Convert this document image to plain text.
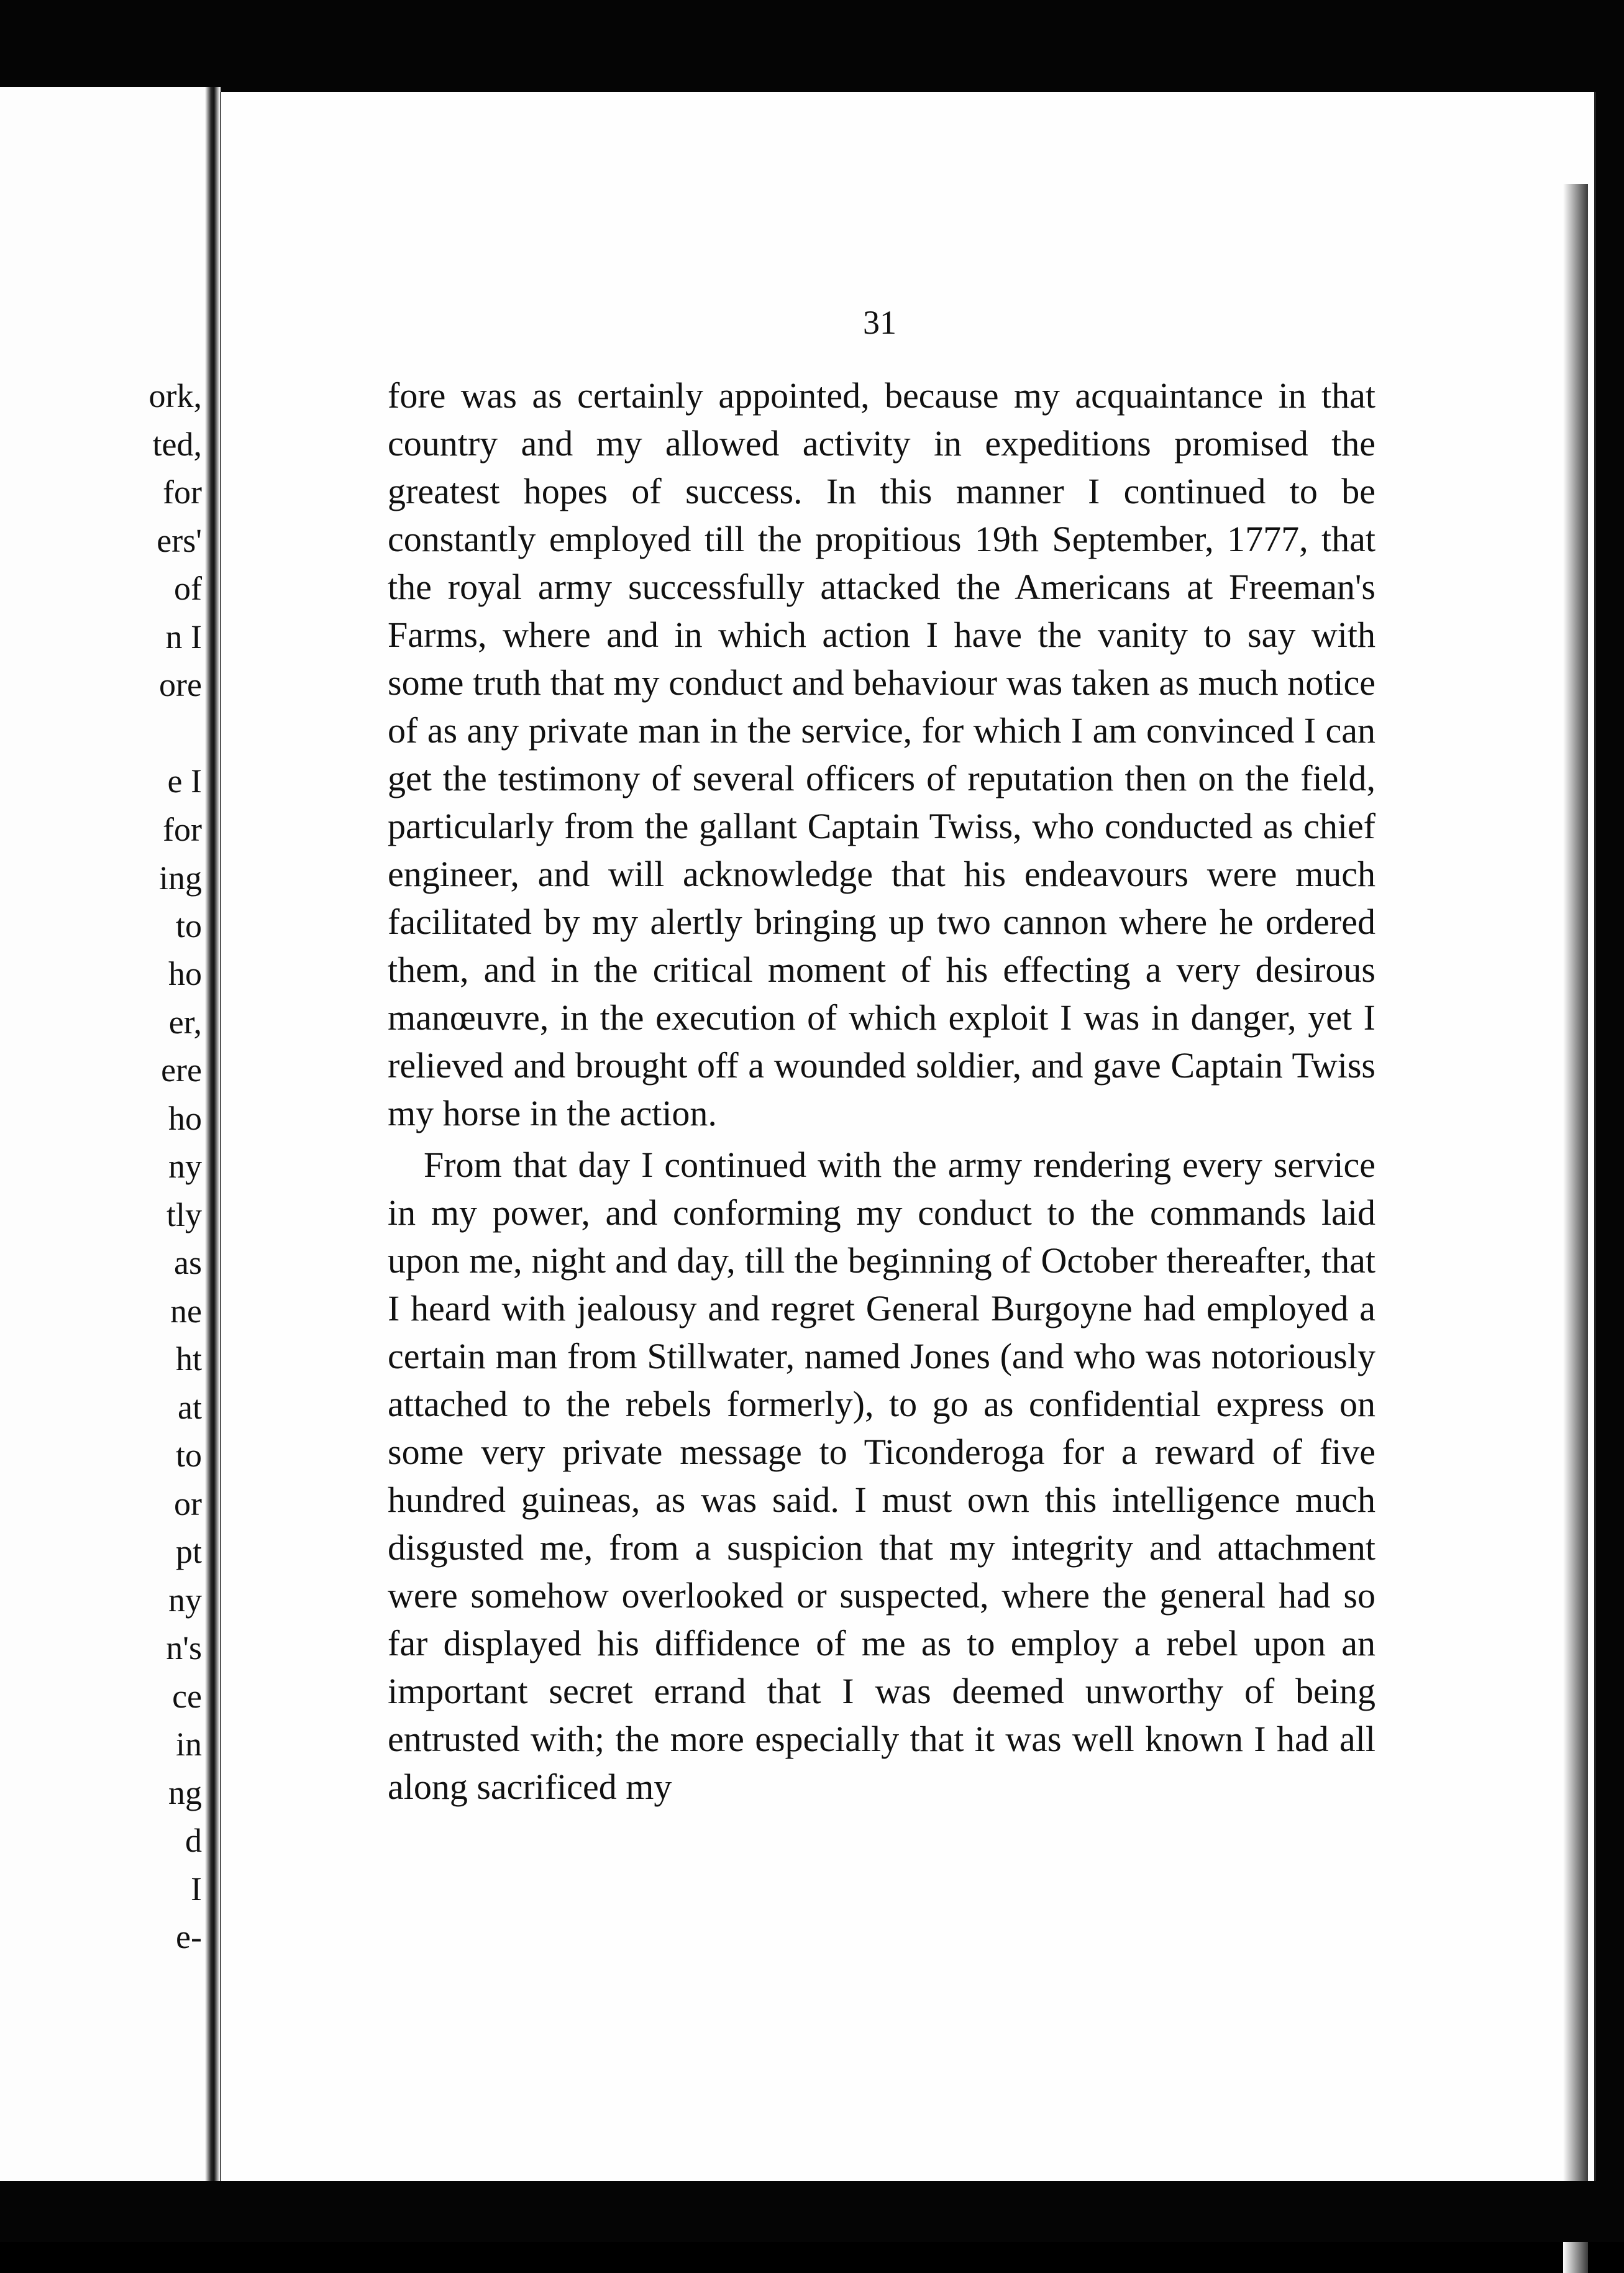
ork,
ted,
for
ers'
of
n I
ore
e I
for
ing
to
ho
er,
ere
ho
ny
tly
as
ne
ht
at
to
or
pt
ny
n's
ce
in
ng
d
I
e-
31

fore was as certainly appointed, because my acquaintance in that country and my allowed activity in expeditions promised the greatest hopes of success. In this manner I continued to be constantly employed till the propitious 19th September, 1777, that the royal army successfully attacked the Americans at Freeman's Farms, where and in which action I have the vanity to say with some truth that my conduct and behaviour was taken as much notice of as any private man in the service, for which I am convinced I can get the testimony of several officers of reputation then on the field, particularly from the gallant Captain Twiss, who conducted as chief engineer, and will acknowledge that his endeavours were much facilitated by my alertly bringing up two cannon where he ordered them, and in the critical moment of his effecting a very desirous manœuvre, in the execution of which exploit I was in danger, yet I relieved and brought off a wounded soldier, and gave Captain Twiss my horse in the action.

From that day I continued with the army rendering every service in my power, and conforming my conduct to the commands laid upon me, night and day, till the beginning of October thereafter, that I heard with jealousy and regret General Burgoyne had employed a certain man from Stillwater, named Jones (and who was notoriously attached to the rebels formerly), to go as confidential express on some very private message to Ticonderoga for a reward of five hundred guineas, as was said. I must own this intelligence much disgusted me, from a suspicion that my integrity and attachment were somehow overlooked or suspected, where the general had so far displayed his diffidence of me as to employ a rebel upon an important secret errand that I was deemed unworthy of being entrusted with; the more especially that it was well known I had all along sacrificed my
